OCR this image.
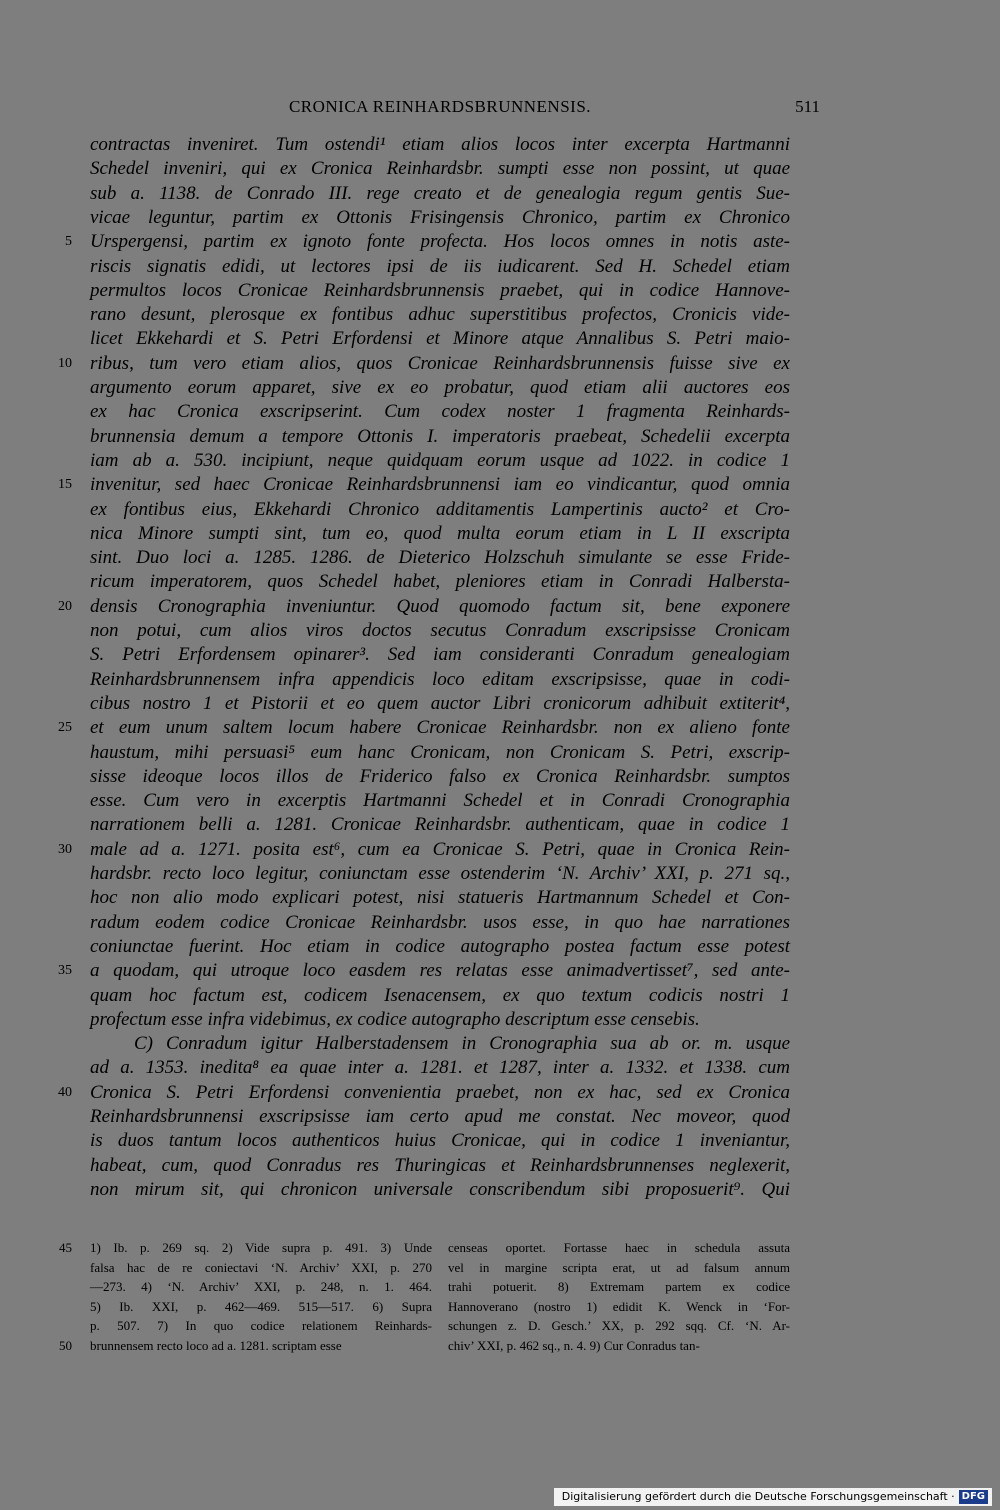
CRONICA REINHARDSBRUNNENSIS.	511
contractas inveniret. Tum ostendi¹ etiam alios locos inter excerpta Hartmanni
Schedel inveniri, qui ex Cronica Reinhardsbr. sumpti esse non possint, ut quae
sub a. 1138. de Conrado III. rege creato et de genealogia regum gentis Sue-
vicae leguntur, partim ex Ottonis Frisingensis Chronico, partim ex Chronico
Urspergensi, partim ex ignoto fonte profecta. Hos locos omnes in notis aste-
riscis signatis edidi, ut lectores ipsi de iis iudicarent. Sed H. Schedel etiam
permultos locos Cronicae Reinhardsbrunnensis praebet, qui in codice Hannove-
rano desunt, plerosque ex fontibus adhuc superstitibus profectos, Cronicis vide-
licet Ekkehardi et S. Petri Erfordensi et Minore atque Annalibus S. Petri maio-
ribus, tum vero etiam alios, quos Cronicae Reinhardsbrunnensis fuisse sive ex
argumento eorum apparet, sive ex eo probatur, quod etiam alii auctores eos
ex hac Cronica exscripserint. Cum codex noster 1 fragmenta Reinhards-
brunnensia demum a tempore Ottonis I. imperatoris praebeat, Schedelii excerpta
iam ab a. 530. incipiunt, neque quidquam eorum usque ad 1022. in codice 1
invenitur, sed haec Cronicae Reinhardsbrunnensi iam eo vindicantur, quod omnia
ex fontibus eius, Ekkehardi Chronico additamentis Lampertinis aucto² et Cro-
nica Minore sumpti sint, tum eo, quod multa eorum etiam in L II exscripta
sint. Duo loci a. 1285. 1286. de Dieterico Holzschuh simulante se esse Fride-
ricum imperatorem, quos Schedel habet, pleniores etiam in Conradi Halbersta-
densis Cronographia inveniuntur. Quod quomodo factum sit, bene exponere
non potui, cum alios viros doctos secutus Conradum exscripsisse Cronicam
S. Petri Erfordensem opinarer³. Sed iam consideranti Conradum genealogiam
Reinhardsbrunnensem infra appendicis loco editam exscripsisse, quae in codi-
cibus nostro 1 et Pistorii et eo quem auctor Libri cronicorum adhibuit extiterit⁴,
et eum unum saltem locum habere Cronicae Reinhardsbr. non ex alieno fonte
haustum, mihi persuasi⁵ eum hanc Cronicam, non Cronicam S. Petri, exscrip-
sisse ideoque locos illos de Friderico falso ex Cronica Reinhardsbr. sumptos
esse. Cum vero in excerptis Hartmanni Schedel et in Conradi Cronographia
narrationem belli a. 1281. Cronicae Reinhardsbr. authenticam, quae in codice 1
male ad a. 1271. posita est⁶, cum ea Cronicae S. Petri, quae in Cronica Rein-
hardsbr. recto loco legitur, coniunctam esse ostenderim ‘N. Archiv’ XXI, p. 271 sq.,
hoc non alio modo explicari potest, nisi statueris Hartmannum Schedel et Con-
radum eodem codice Cronicae Reinhardsbr. usos esse, in quo hae narrationes
coniunctae fuerint. Hoc etiam in codice autographo postea factum esse potest
a quodam, qui utroque loco easdem res relatas esse animadvertisset⁷, sed ante-
quam hoc factum est, codicem Isenacensem, ex quo textum codicis nostri 1
profectum esse infra videbimus, ex codice autographo descriptum esse censebis.
C) Conradum igitur Halberstadensem in Cronographia sua ab or. m. usque
ad a. 1353. inedita⁸ ea quae inter a. 1281. et 1287, inter a. 1332. et 1338. cum
Cronica S. Petri Erfordensi convenientia praebet, non ex hac, sed ex Cronica
Reinhardsbrunnensi exscripsisse iam certo apud me constat. Nec moveor, quod
is duos tantum locos authenticos huius Cronicae, qui in codice 1 inveniantur,
habeat, cum, quod Conradus res Thuringicas et Reinhardsbrunnenses neglexerit,
non mirum sit, qui chronicon universale conscribendum sibi proposuerit⁹. Qui
5
10
15
20
25
30
35
40
1) Ib. p. 269 sq. 2) Vide supra p. 491. 3) Unde
falsa hac de re coniectavi ‘N. Archiv’ XXI, p. 270
—273. 4) ‘N. Archiv’ XXI, p. 248, n. 1. 464.
5) Ib. XXI, p. 462—469. 515—517. 6) Supra
p. 507. 7) In quo codice relationem Reinhards-
brunnensem recto loco ad a. 1281. scriptam esse
censeas oportet. Fortasse haec in schedula assuta
vel in margine scripta erat, ut ad falsum annum
trahi potuerit. 8) Extremam partem ex codice
Hannoverano (nostro 1) edidit K. Wenck in ‘For-
schungen z. D. Gesch.’ XX, p. 292 sqq. Cf. ‘N. Ar-
chiv’ XXI, p. 462 sq., n. 4. 9) Cur Conradus tan-
45
50
Digitalisierung gefördert durch die Deutsche Forschungsgemeinschaft · DFG
